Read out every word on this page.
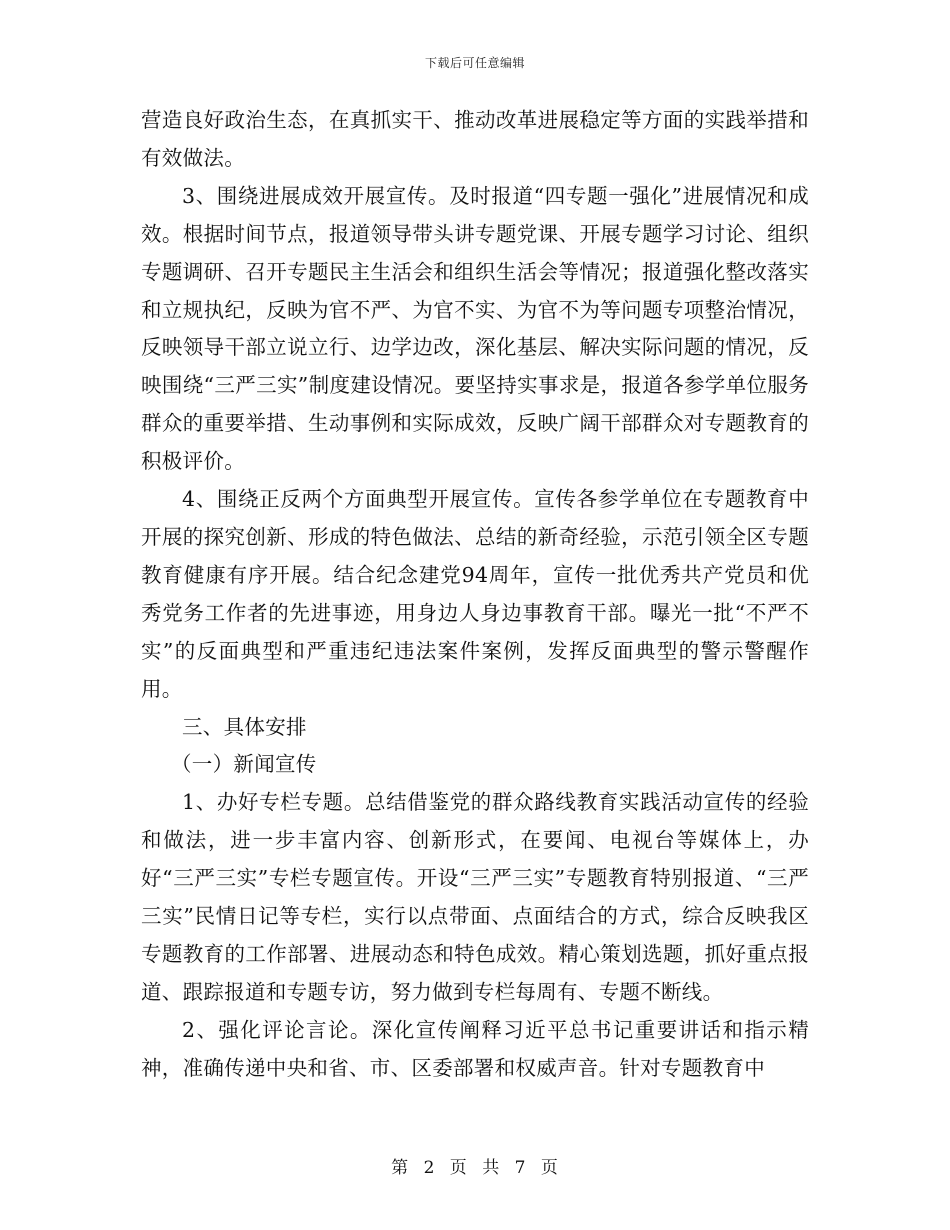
下载后可任意编辑

营造良好政治生态，在真抓实干、推动改革进展稳定等方面的实践举措和有效做法。

3、围绕进展成效开展宣传。及时报道“四专题一强化”进展情况和成效。根据时间节点，报道领导带头讲专题党课、开展专题学习讨论、组织专题调研、召开专题民主生活会和组织生活会等情况；报道强化整改落实和立规执纪，反映为官不严、为官不实、为官不为等问题专项整治情况，反映领导干部立说立行、边学边改，深化基层、解决实际问题的情况，反映围绕“三严三实”制度建设情况。要坚持实事求是，报道各参学单位服务群众的重要举措、生动事例和实际成效，反映广阔干部群众对专题教育的积极评价。

4、围绕正反两个方面典型开展宣传。宣传各参学单位在专题教育中开展的探究创新、形成的特色做法、总结的新奇经验，示范引领全区专题教育健康有序开展。结合纪念建党94周年，宣传一批优秀共产党员和优秀党务工作者的先进事迹，用身边人身边事教育干部。曝光一批“不严不实”的反面典型和严重违纪违法案件案例，发挥反面典型的警示警醒作用。

三、具体安排

（一）新闻宣传

1、办好专栏专题。总结借鉴党的群众路线教育实践活动宣传的经验和做法，进一步丰富内容、创新形式，在要闻、电视台等媒体上，办好“三严三实”专栏专题宣传。开设“三严三实”专题教育特别报道、“三严三实”民情日记等专栏，实行以点带面、点面结合的方式，综合反映我区专题教育的工作部署、进展动态和特色成效。精心策划选题，抓好重点报道、跟踪报道和专题专访，努力做到专栏每周有、专题不断线。

2、强化评论言论。深化宣传阐释习近平总书记重要讲话和指示精神，准确传递中央和省、市、区委部署和权威声音。针对专题教育中

第 2 页 共 7 页
